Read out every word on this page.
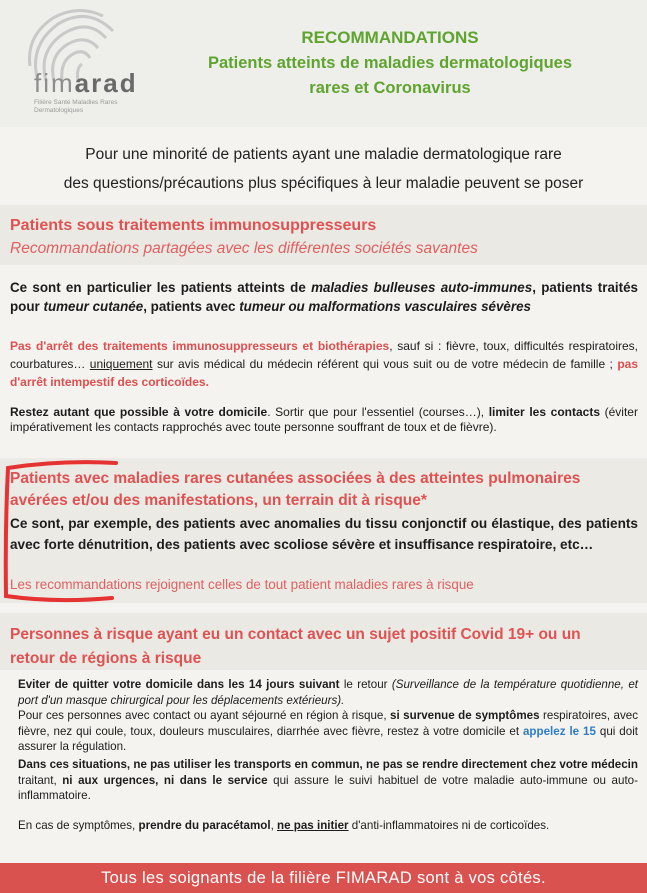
fimarad
Filière Santé Maladies Rares Dermatologiques
RECOMMANDATIONS
Patients atteints de maladies dermatologiques
rares et Coronavirus
Pour une minorité de patients ayant une maladie dermatologique rare
des questions/précautions plus spécifiques à leur maladie peuvent se poser
Patients sous traitements immunosuppresseurs
Recommandations partagées avec les différentes sociétés savantes
Ce sont en particulier les patients atteints de maladies bulleuses auto-immunes, patients traités pour tumeur cutanée, patients avec tumeur ou malformations vasculaires sévères
Pas d'arrêt des traitements immunosuppresseurs et biothérapies, sauf si : fièvre, toux, difficultés respiratoires, courbatures… uniquement sur avis médical du médecin référent qui vous suit ou de votre médecin de famille ; pas d'arrêt intempestif des corticoïdes.
Restez autant que possible à votre domicile. Sortir que pour l'essentiel (courses…), limiter les contacts (éviter impérativement les contacts rapprochés avec toute personne souffrant de toux et de fièvre).
Patients avec maladies rares cutanées associées à des atteintes pulmonaires
avérées et/ou des manifestations, un terrain dit à risque*
Ce sont, par exemple, des patients avec anomalies du tissu conjonctif ou élastique, des patients avec forte dénutrition, des patients avec scoliose sévère et insuffisance respiratoire, etc…
Les recommandations rejoignent celles de tout patient maladies rares à risque
Personnes à risque ayant eu un contact avec un sujet positif Covid 19+ ou un
retour de régions à risque
Eviter de quitter votre domicile dans les 14 jours suivant le retour (Surveillance de la température quotidienne, et port d'un masque chirurgical pour les déplacements extérieurs).
Pour ces personnes avec contact ou ayant séjourné en région à risque, si survenue de symptômes respiratoires, avec fièvre, nez qui coule, toux, douleurs musculaires, diarrhée avec fièvre, restez à votre domicile et appelez le 15 qui doit assurer la régulation.
Dans ces situations, ne pas utiliser les transports en commun, ne pas se rendre directement chez votre médecin traitant, ni aux urgences, ni dans le service qui assure le suivi habituel de votre maladie auto-immune ou auto- inflammatoire.
En cas de symptômes, prendre du paracétamol, ne pas initier d'anti-inflammatoires ni de corticoïdes.
Tous les soignants de la filière FIMARAD sont à vos côtés.
